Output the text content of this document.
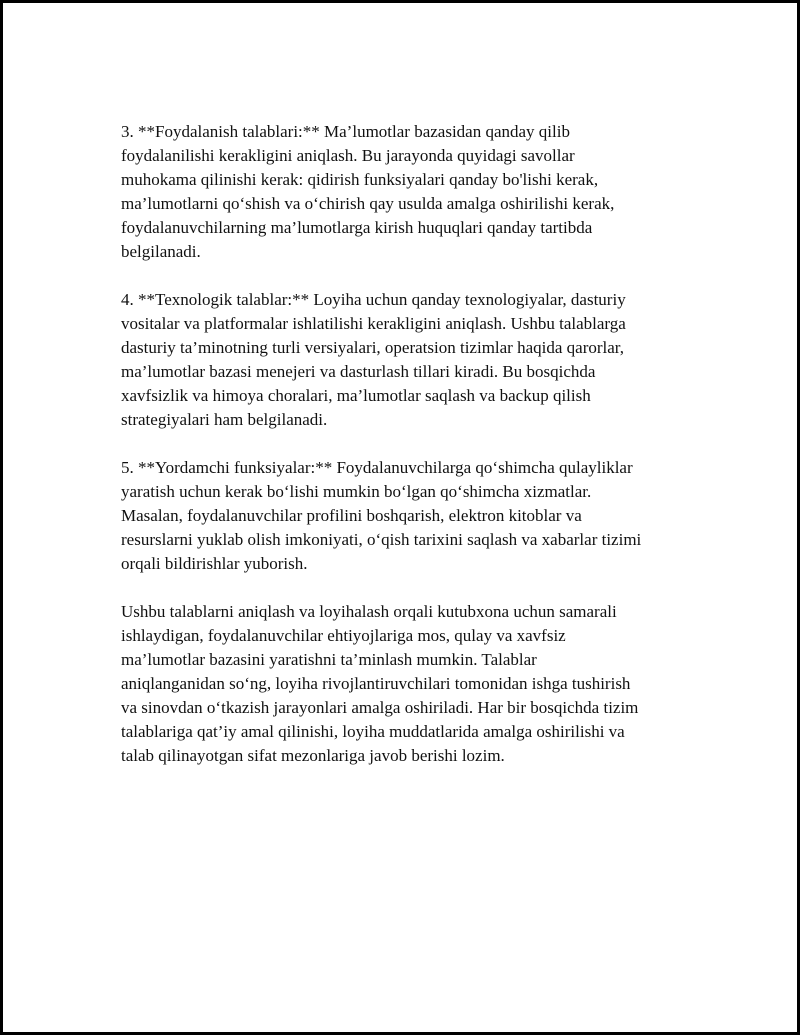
3. **Foydalanish talablari:** Ma’lumotlar bazasidan qanday qilib
foydalanilishi kerakligini aniqlash. Bu jarayonda quyidagi savollar
muhokama qilinishi kerak: qidirish funksiyalari qanday bo'lishi kerak,
ma’lumotlarni qo‘shish va o‘chirish qay usulda amalga oshirilishi kerak,
foydalanuvchilarning ma’lumotlarga kirish huquqlari qanday tartibda
belgilanadi.

4. **Texnologik talablar:** Loyiha uchun qanday texnologiyalar, dasturiy
vositalar va platformalar ishlatilishi kerakligini aniqlash. Ushbu talablarga
dasturiy ta’minotning turli versiyalari, operatsion tizimlar haqida qarorlar,
ma’lumotlar bazasi menejeri va dasturlash tillari kiradi. Bu bosqichda
xavfsizlik va himoya choralari, ma’lumotlar saqlash va backup qilish
strategiyalari ham belgilanadi.

5. **Yordamchi funksiyalar:** Foydalanuvchilarga qo‘shimcha qulayliklar
yaratish uchun kerak bo‘lishi mumkin bo‘lgan qo‘shimcha xizmatlar.
Masalan, foydalanuvchilar profilini boshqarish, elektron kitoblar va
resurslarni yuklab olish imkoniyati, o‘qish tarixini saqlash va xabarlar tizimi
orqali bildirishlar yuborish.

Ushbu talablarni aniqlash va loyihalash orqali kutubxona uchun samarali
ishlaydigan, foydalanuvchilar ehtiyojlariga mos, qulay va xavfsiz
ma’lumotlar bazasini yaratishni ta’minlash mumkin. Talablar
aniqlanganidan so‘ng, loyiha rivojlantiruvchilari tomonidan ishga tushirish
va sinovdan o‘tkazish jarayonlari amalga oshiriladi. Har bir bosqichda tizim
talablariga qat’iy amal qilinishi, loyiha muddatlarida amalga oshirilishi va
talab qilinayotgan sifat mezonlariga javob berishi lozim.
